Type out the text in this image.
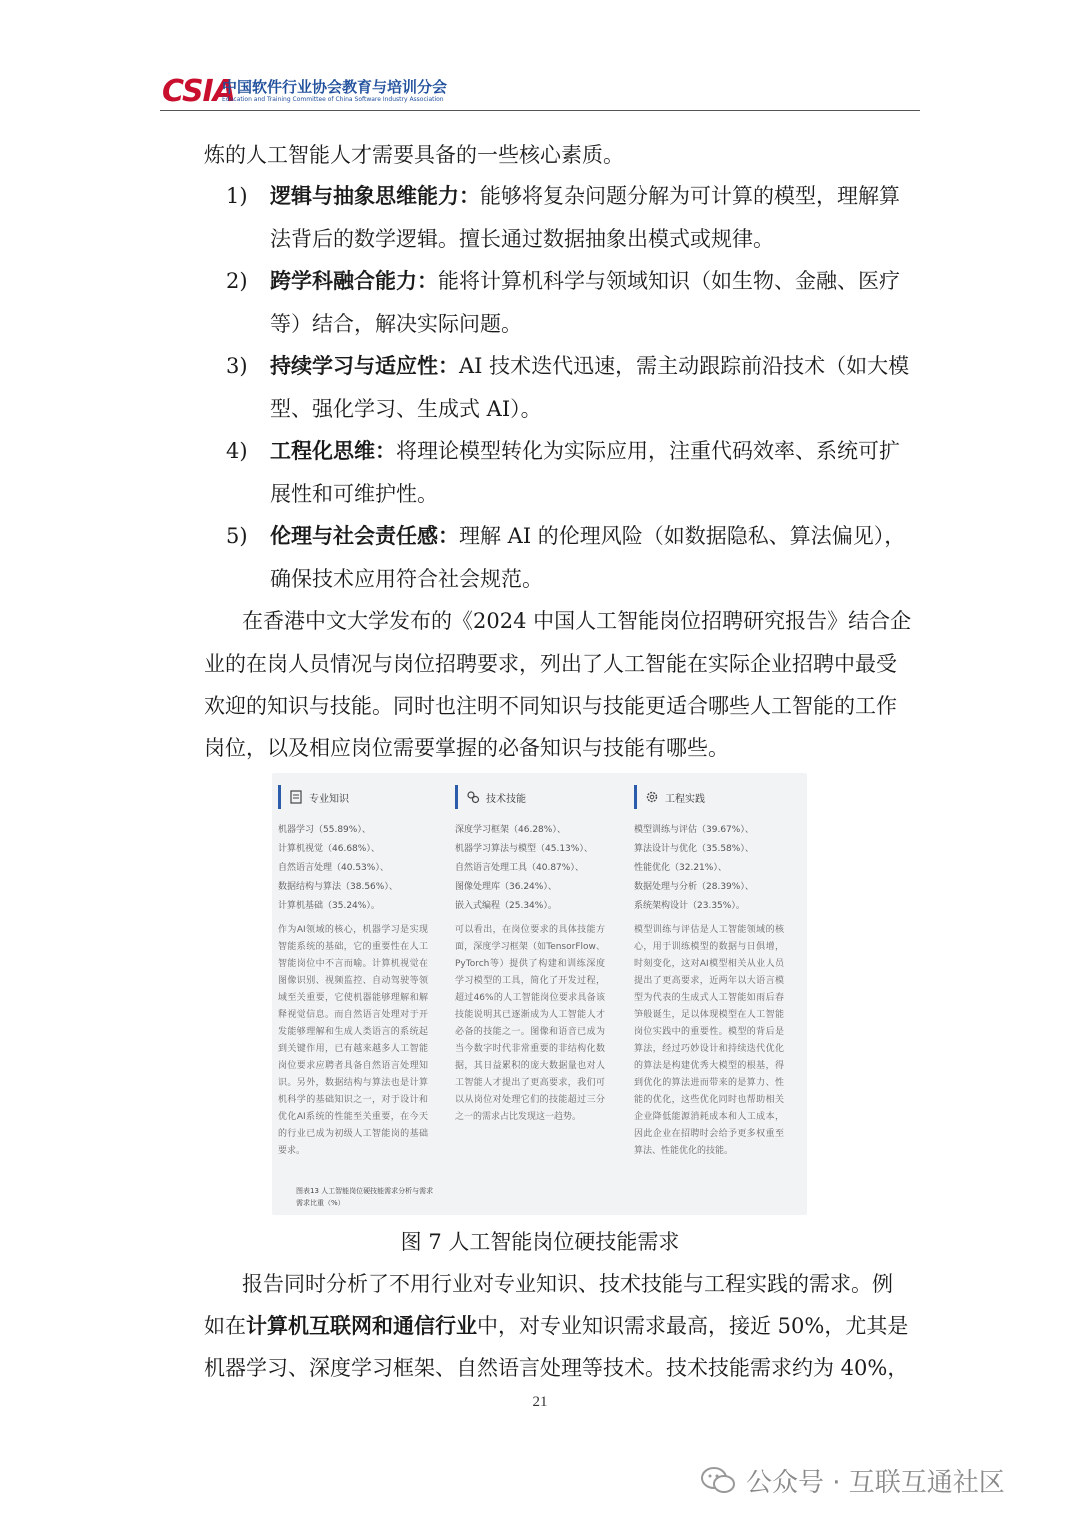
CSIA
中国软件行业协会教育与培训分会
Education and Training Committee of China Software Industry Association
炼的人工智能人才需要具备的一些核心素质。
1)	逻辑与抽象思维能力：能够将复杂问题分解为可计算的模型，理解算
法背后的数学逻辑。擅长通过数据抽象出模式或规律。
2)	跨学科融合能力：能将计算机科学与领域知识（如生物、金融、医疗
等）结合，解决实际问题。
3)	持续学习与适应性：AI 技术迭代迅速，需主动跟踪前沿技术（如大模
型、强化学习、生成式 AI）。
4)	工程化思维：将理论模型转化为实际应用，注重代码效率、系统可扩
展性和可维护性。
5)	伦理与社会责任感：理解 AI 的伦理风险（如数据隐私、算法偏见），
确保技术应用符合社会规范。
在香港中文大学发布的《2024 中国人工智能岗位招聘研究报告》结合企
业的在岗人员情况与岗位招聘要求，列出了人工智能在实际企业招聘中最受
欢迎的知识与技能。同时也注明不同知识与技能更适合哪些人工智能的工作
岗位，以及相应岗位需要掌握的必备知识与技能有哪些。
专业知识
机器学习（55.89%）、
计算机视觉（46.68%）、
自然语言处理（40.53%）、
数据结构与算法（38.56%）、
计算机基础（35.24%）。
作为AI领域的核心，机器学习是实现智能系统的基础，它的重要性在人工智能岗位中不言而喻。计算机视觉在图像识别、视频监控、自动驾驶等领域至关重要，它使机器能够理解和解释视觉信息。而自然语言处理对于开发能够理解和生成人类语言的系统起到关键作用，已有越来越多人工智能岗位要求应聘者具备自然语言处理知识。另外，数据结构与算法也是计算机科学的基础知识之一，对于设计和优化AI系统的性能至关重要，在今天的行业已成为初级人工智能岗的基础要求。
技术技能
深度学习框架（46.28%）、
机器学习算法与模型（45.13%）、
自然语言处理工具（40.87%）、
图像处理库（36.24%）、
嵌入式编程（25.34%）。
可以看出，在岗位要求的具体技能方面，深度学习框架（如TensorFlow、PyTorch等）提供了构建和训练深度学习模型的工具，简化了开发过程，超过46%的人工智能岗位要求具备该技能说明其已逐渐成为人工智能人才必备的技能之一。图像和语音已成为当今数字时代非常重要的非结构化数据，其日益累积的庞大数据量也对人工智能人才提出了更高要求，我们可以从岗位对处理它们的技能超过三分之一的需求占比发现这一趋势。
工程实践
模型训练与评估（39.67%）、
算法设计与优化（35.58%）、
性能优化（32.21%）、
数据处理与分析（28.39%）、
系统架构设计（23.35%）。
模型训练与评估是人工智能领域的核心，用于训练模型的数据与日俱增，时刻变化，这对AI模型相关从业人员提出了更高要求，近两年以大语言模型为代表的生成式人工智能如雨后春笋般诞生，足以体现模型在人工智能岗位实践中的重要性。模型的背后是算法，经过巧妙设计和持续迭代优化的算法是构建优秀大模型的根基，得到优化的算法进而带来的是算力、性能的优化，这些优化同时也帮助相关企业降低能源消耗成本和人工成本，因此企业在招聘时会给予更多权重至算法、性能优化的技能。
图表13 人工智能岗位硬技能需求分析与需求
需求比重（%）
图 7 人工智能岗位硬技能需求
报告同时分析了不用行业对专业知识、技术技能与工程实践的需求。例
如在计算机互联网和通信行业中，对专业知识需求最高，接近 50%，尤其是
机器学习、深度学习框架、自然语言处理等技术。技术技能需求约为 40%，
21
公众号 · 互联互通社区
